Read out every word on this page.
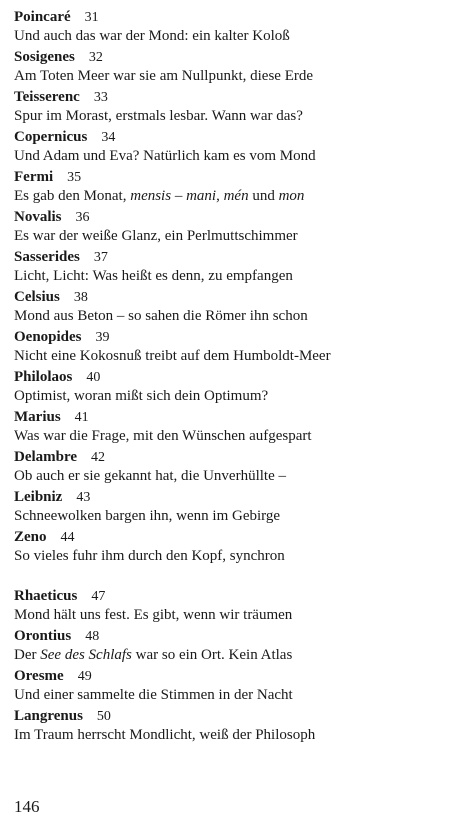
Poincaré 31
Und auch das war der Mond: ein kalter Koloß
Sosigenes 32
Am Toten Meer war sie am Nullpunkt, diese Erde
Teisserenc 33
Spur im Morast, erstmals lesbar. Wann war das?
Copernicus 34
Und Adam und Eva? Natürlich kam es vom Mond
Fermi 35
Es gab den Monat, mensis – mani, mén und mon
Novalis 36
Es war der weiße Glanz, ein Perlmuttschimmer
Sasserides 37
Licht, Licht: Was heißt es denn, zu empfangen
Celsius 38
Mond aus Beton – so sahen die Römer ihn schon
Oenopides 39
Nicht eine Kokosnuß treibt auf dem Humboldt-Meer
Philolaos 40
Optimist, woran mißt sich dein Optimum?
Marius 41
Was war die Frage, mit den Wünschen aufgespart
Delambre 42
Ob auch er sie gekannt hat, die Unverhüllte –
Leibniz 43
Schneewolken bargen ihn, wenn im Gebirge
Zeno 44
So vieles fuhr ihm durch den Kopf, synchron
Rhaeticus 47
Mond hält uns fest. Es gibt, wenn wir träumen
Orontius 48
Der See des Schlafs war so ein Ort. Kein Atlas
Oresme 49
Und einer sammelte die Stimmen in der Nacht
Langrenus 50
Im Traum herrscht Mondlicht, weiß der Philosoph
146
